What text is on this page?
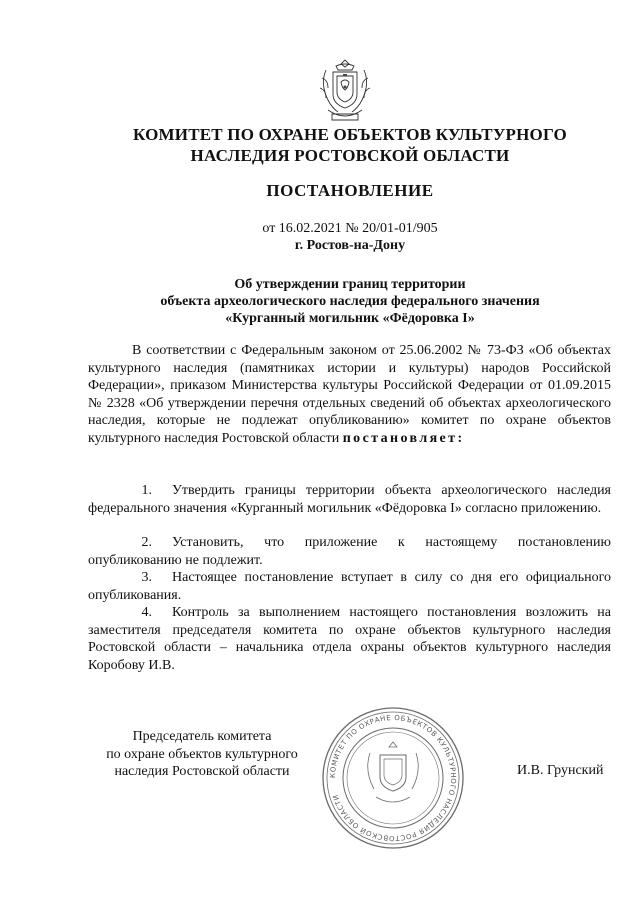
КОМИТЕТ ПО ОХРАНЕ ОБЪЕКТОВ КУЛЬТУРНОГО
НАСЛЕДИЯ РОСТОВСКОЙ ОБЛАСТИ
ПОСТАНОВЛЕНИЕ
от 16.02.2021 № 20/01-01/905
г. Ростов-на-Дону
Об утверждении границ территории
объекта археологического наследия федерального значения
«Курганный могильник «Фёдоровка I»

В соответствии с Федеральным законом от 25.06.2002 № 73-ФЗ «Об объектах культурного наследия (памятниках истории и культуры) народов Российской Федерации», приказом Министерства культуры Российской Федерации от 01.09.2015 № 2328 «Об утверждении перечня отдельных сведений об объектах археологического наследия, которые не подлежат опубликованию» комитет по охране объектов культурного наследия Ростовской области постановляет:

1. Утвердить границы территории объекта археологического наследия федерального значения «Курганный могильник «Фёдоровка I» согласно приложению.

2. Установить, что приложение к настоящему постановлению опубликованию не подлежит.

3. Настоящее постановление вступает в силу со дня его официального опубликования.

4. Контроль за выполнением настоящего постановления возложить на заместителя председателя комитета по охране объектов культурного наследия Ростовской области – начальника отдела охраны объектов культурного наследия Коробову И.В.

КОМИТЕТ ПО ОХРАНЕ ОБЪЕКТОВ КУЛЬТУРНОГО НАСЛЕДИЯ РОСТОВСКОЙ ОБЛАСТИ
Председатель комитета
по охране объектов культурного
наследия Ростовской области	И.В. Грунский
